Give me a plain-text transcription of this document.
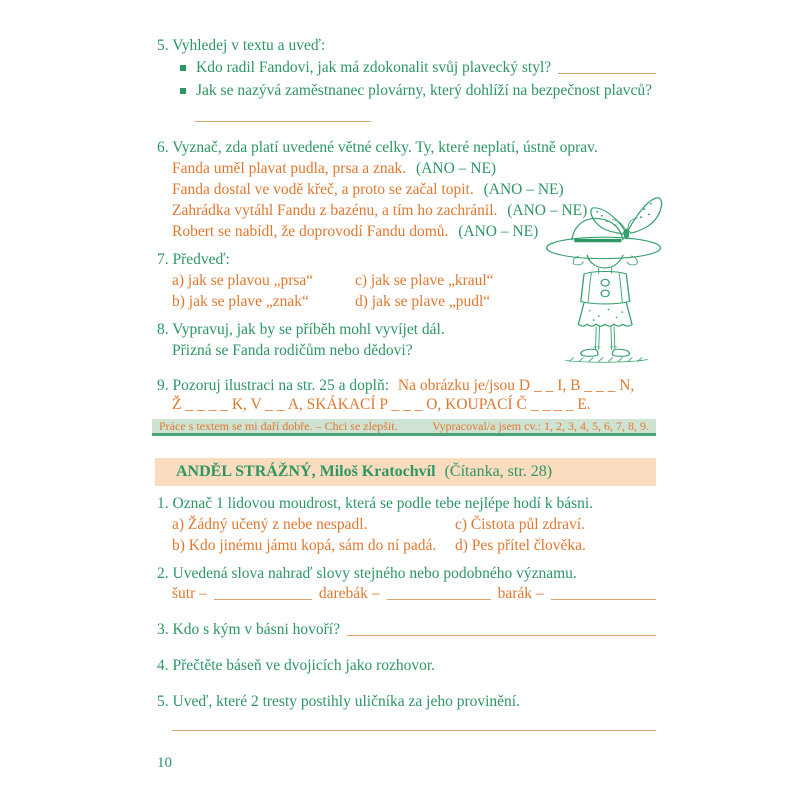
5. Vyhledej v textu a uveď:
Kdo radil Fandovi, jak má zdokonalit svůj plavecký styl?
Jak se nazývá zaměstnanec plovárny, který dohlíží na bezpečnost plavců?
6. Vyznač, zda platí uvedené větné celky. Ty, které neplatí, ústně oprav.
Fanda uměl plavat pudla, prsa a znak. (ANO – NE)
Fanda dostal ve vodě křeč, a proto se začal topit. (ANO – NE)
Zahrádka vytáhl Fandu z bazénu, a tím ho zachránil. (ANO – NE)
Robert se nabídl, že doprovodí Fandu domů. (ANO – NE)
7. Předveď:
a) jak se plavou „prsa“	c) jak se plave „kraul“
b) jak se plave „znak“	d) jak se plave „pudl“
8. Vypravuj, jak by se příběh mohl vyvíjet dál.
Přizná se Fanda rodičům nebo dědovi?
9. Pozoruj ilustraci na str. 25 a doplň: Na obrázku je/jsou D _ _ I, B _ _ _ N,
Ž _ _ _ _ K, V _ _ A, SKÁKACÍ P _ _ _ O, KOUPACÍ Č _ _ _ _ E.
Práce s textem se mi daří dobře. – Chci se zlepšit.	Vypracoval/a jsem cv.: 1, 2, 3, 4, 5, 6, 7, 8, 9.
ANDĚL STRÁŽNÝ, Miloš Kratochvíl (Čítanka, str. 28)
1. Označ 1 lidovou moudrost, která se podle tebe nejlépe hodí k básni.
a) Žádný učený z nebe nespadl.	c) Čistota půl zdraví.
b) Kdo jinému jámu kopá, sám do ní padá. d) Pes přítel člověka.
2. Uvedená slova nahraď slovy stejného nebo podobného významu.
šutr –	darebák –	barák –
3. Kdo s kým v básni hovoří?
4. Přečtěte báseň ve dvojicích jako rozhovor.
5. Uveď, které 2 tresty postihly uličníka za jeho provinění.
10
